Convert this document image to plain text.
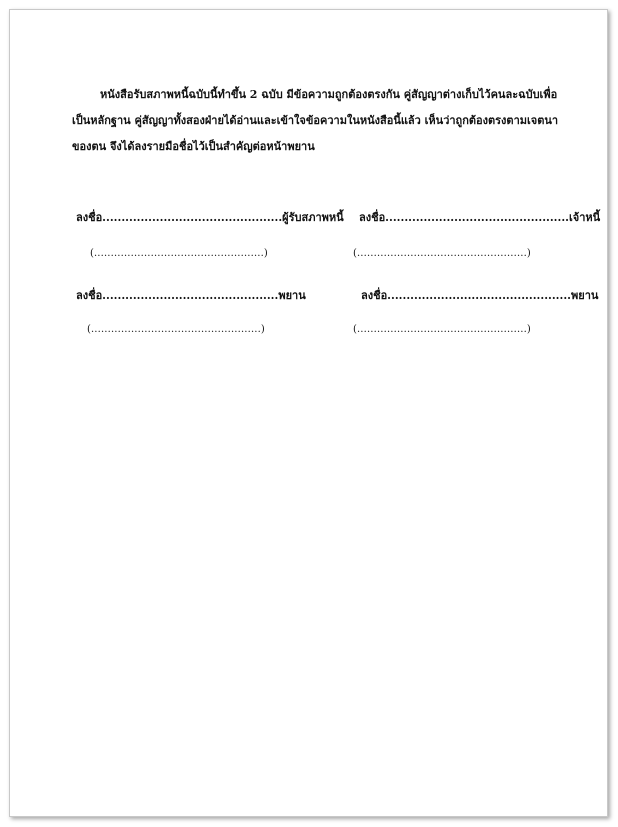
หนังสือรับสภาพหนี้ฉบับนี้ทำขึ้น 2 ฉบับ มีข้อความถูกต้องตรงกัน คู่สัญญาต่างเก็บไว้คนละฉบับเพื่อ
เป็นหลักฐาน คู่สัญญาทั้งสองฝ่ายได้อ่านและเข้าใจข้อความในหนังสือนี้แล้ว เห็นว่าถูกต้องตรงตามเจตนา
ของตน จึงได้ลงรายมือชื่อไว้เป็นสำคัญต่อหน้าพยาน
ลงชื่อ...............................................ผู้รับสภาพหนี้ ลงชื่อ................................................เจ้าหนี้
(……………………………………………)	(……………………………………………)
ลงชื่อ..............................................พยาน	ลงชื่อ................................................พยาน
(……………………………………………)	(……………………………………………)
